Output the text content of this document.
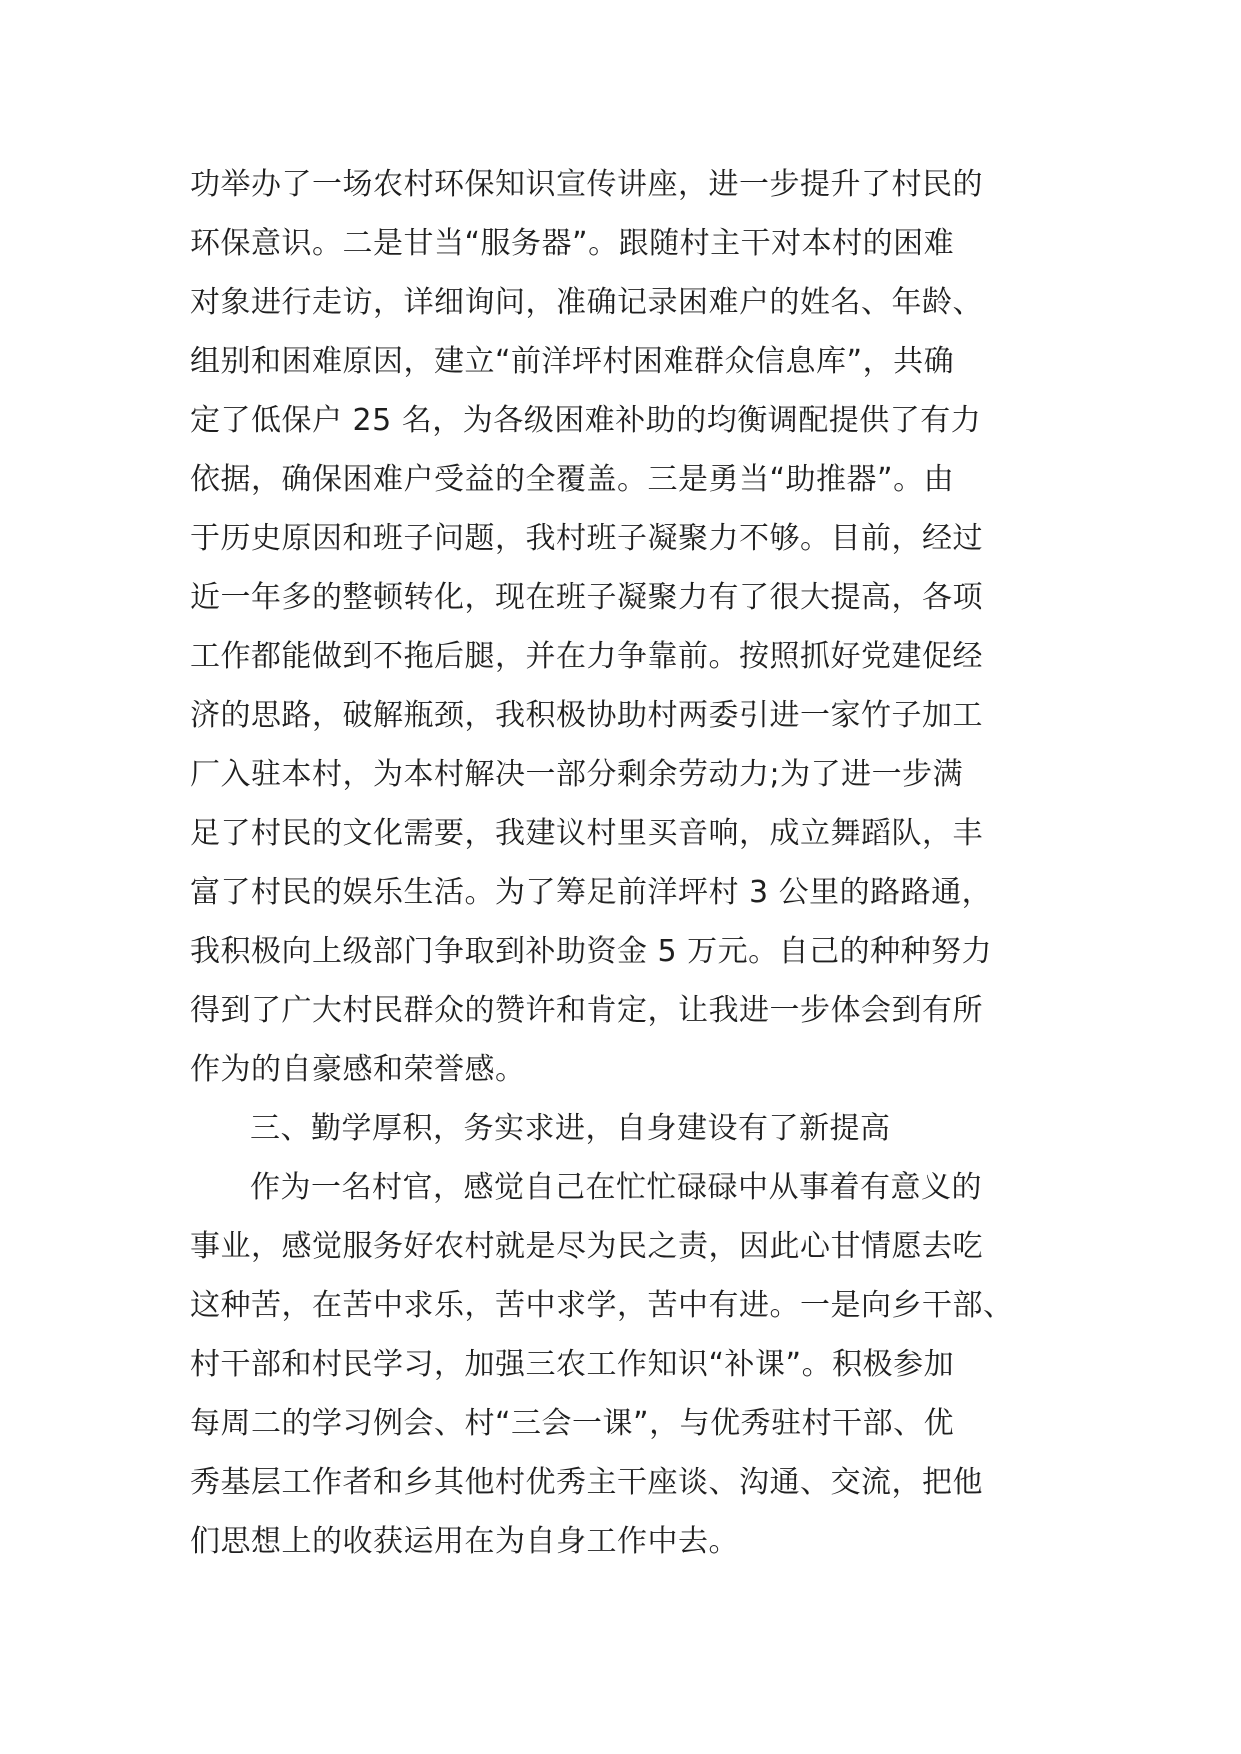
功举办了一场农村环保知识宣传讲座，进一步提升了村民的
环保意识。二是甘当“服务器”。跟随村主干对本村的困难
对象进行走访，详细询问，准确记录困难户的姓名、年龄、
组别和困难原因，建立“前洋坪村困难群众信息库”，共确
定了低保户 25 名，为各级困难补助的均衡调配提供了有力
依据，确保困难户受益的全覆盖。三是勇当“助推器”。由
于历史原因和班子问题，我村班子凝聚力不够。目前，经过
近一年多的整顿转化，现在班子凝聚力有了很大提高，各项
工作都能做到不拖后腿，并在力争靠前。按照抓好党建促经
济的思路，破解瓶颈，我积极协助村两委引进一家竹子加工
厂入驻本村，为本村解决一部分剩余劳动力;为了进一步满
足了村民的文化需要，我建议村里买音响，成立舞蹈队，丰
富了村民的娱乐生活。为了筹足前洋坪村 3 公里的路路通，
我积极向上级部门争取到补助资金 5 万元。自己的种种努力
得到了广大村民群众的赞许和肯定，让我进一步体会到有所
作为的自豪感和荣誉感。
三、勤学厚积，务实求进，自身建设有了新提高
作为一名村官，感觉自己在忙忙碌碌中从事着有意义的
事业，感觉服务好农村就是尽为民之责，因此心甘情愿去吃
这种苦，在苦中求乐，苦中求学，苦中有进。一是向乡干部、
村干部和村民学习，加强三农工作知识“补课”。积极参加
每周二的学习例会、村“三会一课”，与优秀驻村干部、优
秀基层工作者和乡其他村优秀主干座谈、沟通、交流，把他
们思想上的收获运用在为自身工作中去。
